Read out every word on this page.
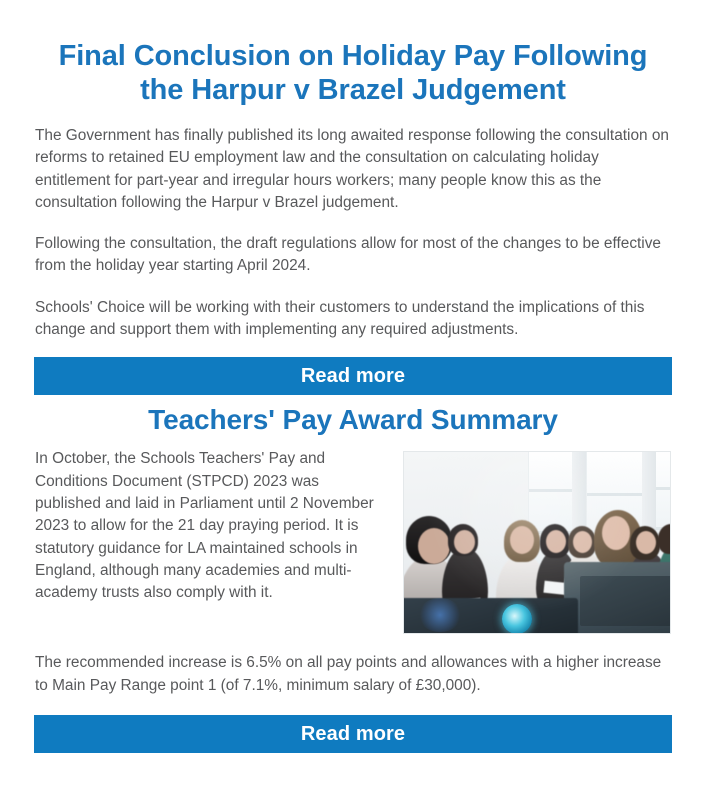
Final Conclusion on Holiday Pay Following the Harpur v Brazel Judgement

The Government has finally published its long awaited response following the consultation on reforms to retained EU employment law and the consultation on calculating holiday entitlement for part-year and irregular hours workers; many people know this as the consultation following the Harpur v Brazel judgement.

Following the consultation, the draft regulations allow for most of the changes to be effective from the holiday year starting April 2024.

Schools' Choice will be working with their customers to understand the implications of this change and support them with implementing any required adjustments.

Read more
Teachers' Pay Award Summary

In October, the Schools Teachers' Pay and Conditions Document (STPCD) 2023 was published and laid in Parliament until 2 November 2023 to allow for the 21 day praying period. It is statutory guidance for LA maintained schools in England, although many academies and multi-academy trusts also comply with it.

The recommended increase is 6.5% on all pay points and allowances with a higher increase to Main Pay Range point 1 (of 7.1%, minimum salary of £30,000).

Read more
